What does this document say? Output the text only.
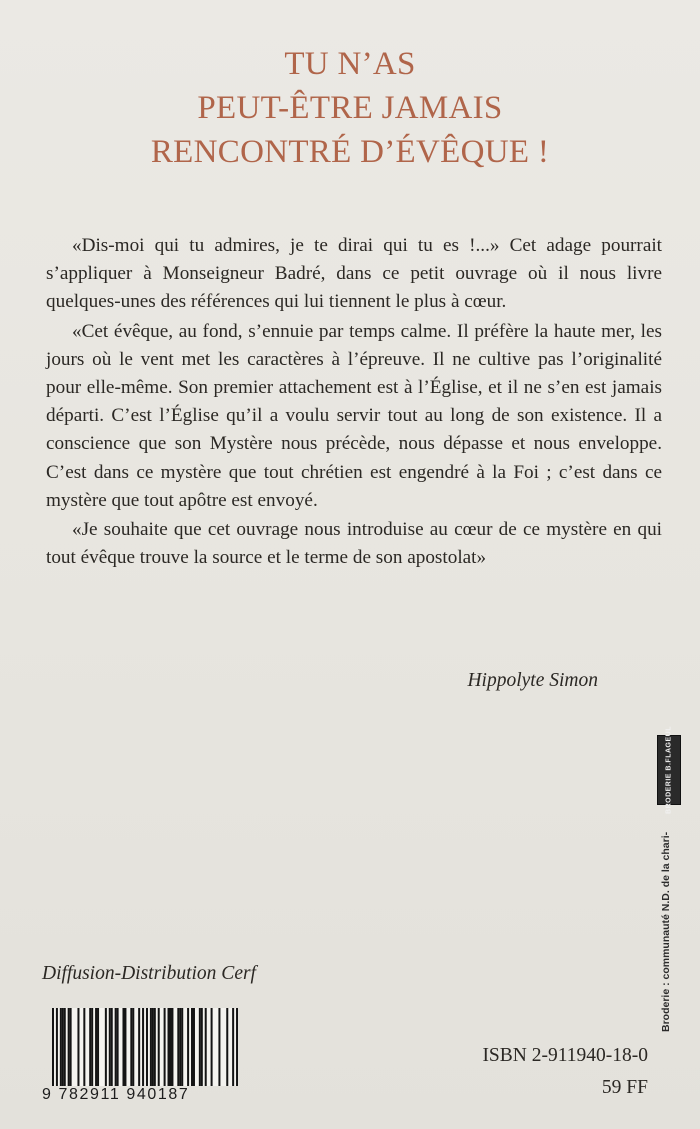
TU N’AS
PEUT-ÊTRE JAMAIS
RENCONTRÉ D’ÉVÊQUE !

«Dis-moi qui tu admires, je te dirai qui tu es !...» Cet adage pourrait s’appliquer à Monseigneur Badré, dans ce petit ouvrage où il nous livre quelques-unes des références qui lui tiennent le plus à cœur.

«Cet évêque, au fond, s’ennuie par temps calme. Il préfère la haute mer, les jours où le vent met les caractères à l’épreuve. Il ne cultive pas l’originalité pour elle-même. Son premier attachement est à l’Église, et il ne s’en est jamais départi. C’est l’Église qu’il a voulu servir tout au long de son existence. Il a conscience que son Mystère nous précède, nous dépasse et nous enveloppe. C’est dans ce mystère que tout chrétien est engendré à la Foi ; c’est dans ce mystère que tout apôtre est envoyé.

«Je souhaite que cet ouvrage nous introduise au cœur de ce mystère en qui tout évêque trouve la source et le terme de son apostolat»

Hippolyte Simon
BRODERIE B.FLAGEUL
Broderie : communauté N.D. de la chari-
Diffusion-Distribution Cerf
9 782911 940187
ISBN 2-911940-18-0
59 FF
